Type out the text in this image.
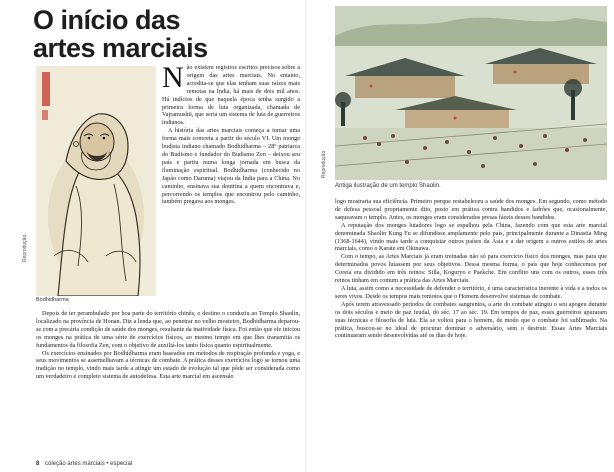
O início das
artes marciais
Reprodução
Bodhidharma

Não existem registros escritos precisos sobre a origem das artes marciais. No entanto, acredita-se que elas tenham suas raízes mais remotas na Índia, há mais de dois mil anos. Há indícios de que naquela época tenha surgido a primeira forma de luta organizada, chamada de Vajramushti, que seria um sistema de luta de guerreiros indianos.

A história das artes marciais começa a tomar uma forma mais concreta a partir do século VI. Um monge budista indiano chamado Bodhidharma – 28º patriarca do Budismo e fundador do Budismo Zen – deixou seu país e partiu numa longa jornada em busca da iluminação espiritual. Bodhidharma (conhecido no Japão como Daruma) viajou da Índia para a China. No caminho, ensinava sua doutrina a quem encontrava e, percorrendo os templos que encontrou pelo caminho, também pregava aos monges.

Depois de ter perambulado por boa parte do território chinês, o destino o conduziu ao Templo Shaolin, localizado na província de Honan. Diz a lenda que, ao penetrar no velho mosteiro, Bodhidharma deparou-se com a precária condição de saúde dos monges, resultante da inatividade física. Foi então que ele iniciou os monges na prática de uma série de exercícios físicos, ao mesmo tempo em que lhes transmitia os fundamentos da filosofia Zen, com o objetivo de auxiliá-los tanto física quanto espiritualmente.

Os exercícios ensinados por Bodhidharma eram baseados em métodos de respiração profunda e yoga, e seus movimentos se assemelhavam a técnicas de combate. A prática desses exercícios logo se tornou uma tradição no templo, vindo mais tarde a atingir um estado de evolução tal que pôde ser considerada como um verdadeiro e completo sistema de autodefesa. Esta arte marcial em ascensão

8 coleção artes marciais • especial
Reprodução
Antiga ilustração de um templo Shaolin.

logo mostraria sua eficiência. Primeiro porque restabeleceu a saúde dos monges. Em segundo, como método de defesa pessoal propriamente dito, posto em prática contra bandidos e ladrões que, ocasionalmente, saqueavam o templo. Antes, os monges eram considerados presas fáceis desses bandidos.

A reputação dos monges lutadores logo se espalhou pela China, fazendo com que esta arte marcial denominada Shaolin Kung Fu se difundisse amplamente pelo país, principalmente durante a Dinastia Ming (1368-1644), vindo mais tarde a conquistar outros países da Ásia e a dar origem a outros estilos de artes marciais, como o Karate em Okinawa.

Com o tempo, as Artes Marciais já eram treinadas não só para exercício físico dos monges, mas para que determinados povos lutassem por seus objetivos. Dessa mesma forma, o país que hoje conhecemos por Coreia era dividido em três reinos: Silla, Koguryo e Paekche. Em conflito uns com os outros, esses três reinos tinham em comum a prática das Artes Marciais.

A luta, assim como a necessidade de defender o território, é uma característica inerente à vida e a todos os seres vivos. Desde os tempos mais remotos que o Homem desenvolve sistemas de combate.

Após terem atravessado períodos de combates sangrentos, a arte do combate atingiu o seu apogeu durante os dois séculos e meio de paz feudal, do séc. 17 ao séc. 19. Em tempos de paz, esses guerreiros apuraram suas técnicas e filosofia de luta. Ela se voltou para o homem, de modo que o combate foi sublimado. Na prática, buscou-se no ideal de procurar dominar o adversário, sem o destruir. Essas Artes Marciais continuaram sendo desenvolvidas até os dias de hoje.
